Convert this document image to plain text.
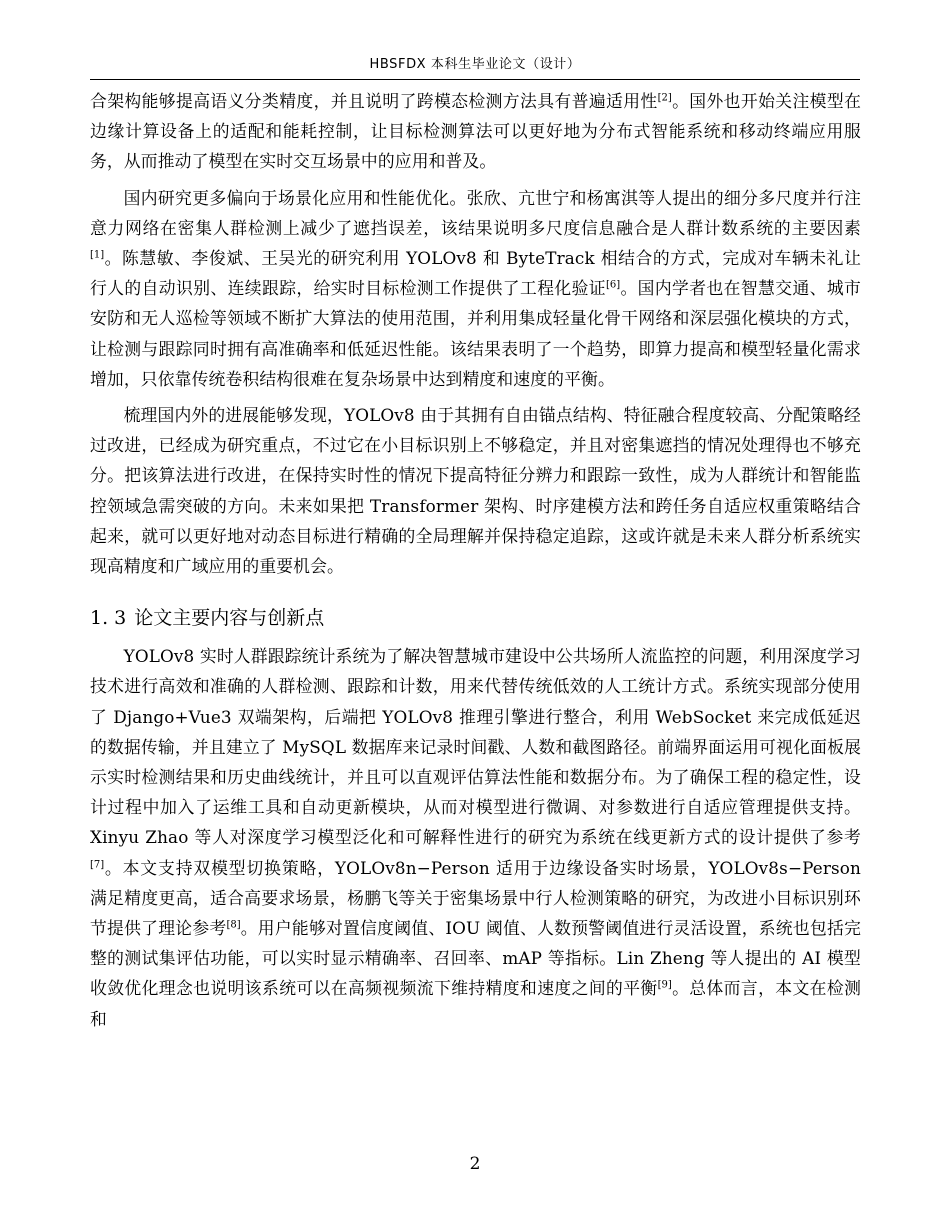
HBSFDX 本科生毕业论文（设计）

合架构能够提高语义分类精度，并且说明了跨模态检测方法具有普遍适用性[2]。国外也开始关注模型在边缘计算设备上的适配和能耗控制，让目标检测算法可以更好地为分布式智能系统和移动终端应用服务，从而推动了模型在实时交互场景中的应用和普及。

国内研究更多偏向于场景化应用和性能优化。张欣、亢世宁和杨寓淇等人提出的细分多尺度并行注意力网络在密集人群检测上减少了遮挡误差，该结果说明多尺度信息融合是人群计数系统的主要因素[1]。陈慧敏、李俊斌、王吴光的研究利用 YOLOv8 和 ByteTrack 相结合的方式，完成对车辆未礼让行人的自动识别、连续跟踪，给实时目标检测工作提供了工程化验证[6]。国内学者也在智慧交通、城市安防和无人巡检等领域不断扩大算法的使用范围，并利用集成轻量化骨干网络和深层强化模块的方式，让检测与跟踪同时拥有高准确率和低延迟性能。该结果表明了一个趋势，即算力提高和模型轻量化需求增加，只依靠传统卷积结构很难在复杂场景中达到精度和速度的平衡。

梳理国内外的进展能够发现，YOLOv8 由于其拥有自由锚点结构、特征融合程度较高、分配策略经过改进，已经成为研究重点，不过它在小目标识别上不够稳定，并且对密集遮挡的情况处理得也不够充分。把该算法进行改进，在保持实时性的情况下提高特征分辨力和跟踪一致性，成为人群统计和智能监控领域急需突破的方向。未来如果把 Transformer 架构、时序建模方法和跨任务自适应权重策略结合起来，就可以更好地对动态目标进行精确的全局理解并保持稳定追踪，这或许就是未来人群分析系统实现高精度和广域应用的重要机会。

1. 3 论文主要内容与创新点

YOLOv8 实时人群跟踪统计系统为了解决智慧城市建设中公共场所人流监控的问题，利用深度学习技术进行高效和准确的人群检测、跟踪和计数，用来代替传统低效的人工统计方式。系统实现部分使用了 Django+Vue3 双端架构，后端把 YOLOv8 推理引擎进行整合，利用 WebSocket 来完成低延迟的数据传输，并且建立了 MySQL 数据库来记录时间戳、人数和截图路径。前端界面运用可视化面板展示实时检测结果和历史曲线统计，并且可以直观评估算法性能和数据分布。为了确保工程的稳定性，设计过程中加入了运维工具和自动更新模块，从而对模型进行微调、对参数进行自适应管理提供支持。Xinyu Zhao 等人对深度学习模型泛化和可解释性进行的研究为系统在线更新方式的设计提供了参考[7]。本文支持双模型切换策略，YOLOv8n−Person 适用于边缘设备实时场景，YOLOv8s−Person 满足精度更高，适合高要求场景，杨鹏飞等关于密集场景中行人检测策略的研究，为改进小目标识别环节提供了理论参考[8]。用户能够对置信度阈值、IOU 阈值、人数预警阈值进行灵活设置，系统也包括完整的测试集评估功能，可以实时显示精确率、召回率、mAP 等指标。Lin Zheng 等人提出的 AI 模型收敛优化理念也说明该系统可以在高频视频流下维持精度和速度之间的平衡[9]。总体而言，本文在检测和

2
